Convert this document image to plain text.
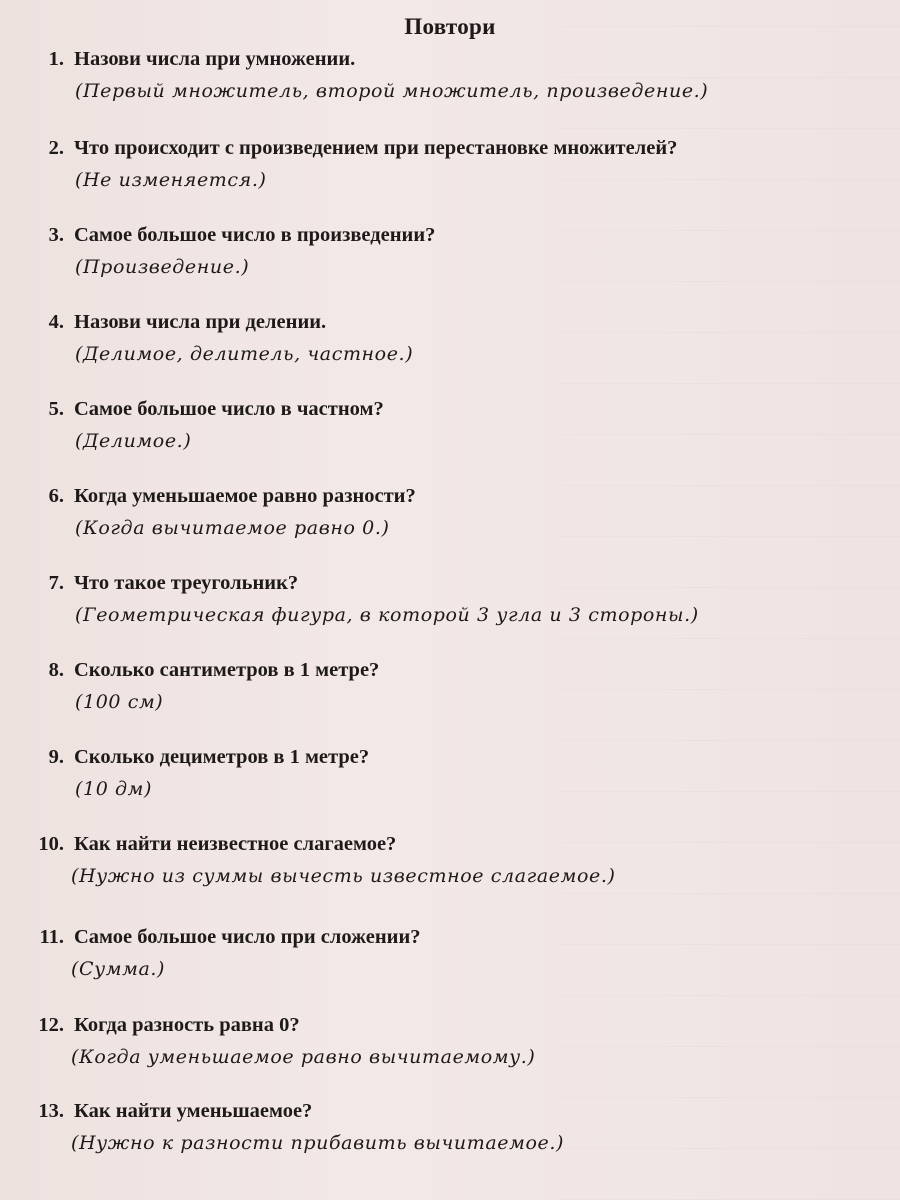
Повтори
1. Назови числа при умножении.
(Первый множитель, второй множитель, произведение.)
2. Что происходит с произведением при перестановке множителей?
(Не изменяется.)
3. Самое большое число в произведении?
(Произведение.)
4. Назови числа при делении.
(Делимое, делитель, частное.)
5. Самое большое число в частном?
(Делимое.)
6. Когда уменьшаемое равно разности?
(Когда вычитаемое равно 0.)
7. Что такое треугольник?
(Геометрическая фигура, в которой 3 угла и 3 стороны.)
8. Сколько сантиметров в 1 метре?
(100 см)
9. Сколько дециметров в 1 метре?
(10 дм)
10. Как найти неизвестное слагаемое?
(Нужно из суммы вычесть известное слагаемое.)
11. Самое большое число при сложении?
(Сумма.)
12. Когда разность равна 0?
(Когда уменьшаемое равно вычитаемому.)
13. Как найти уменьшаемое?
(Нужно к разности прибавить вычитаемое.)
